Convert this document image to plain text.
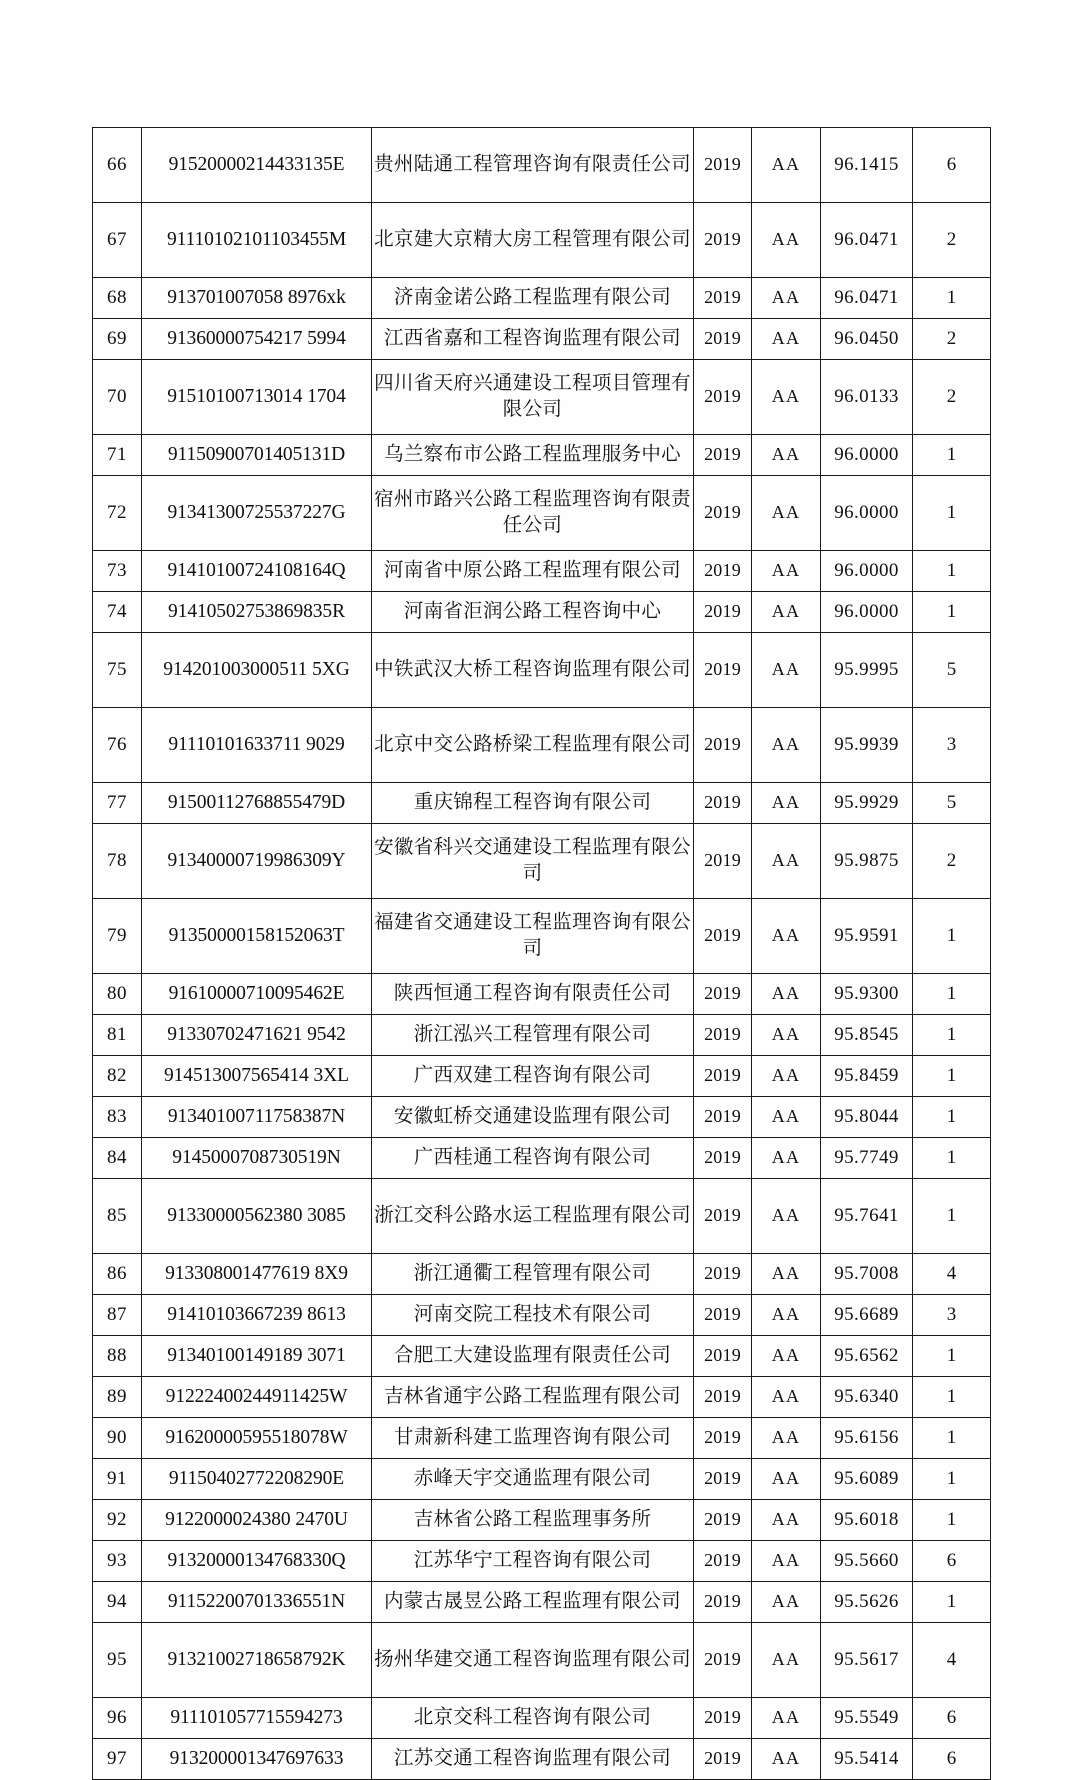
66	91520000214433135E	贵州陆通工程管理咨询有限责任公司	2019	AA	96.1415	6
67	91110102101103455M	北京建大京精大房工程管理有限公司	2019	AA	96.0471	2
68	913701007058 8976xk	济南金诺公路工程监理有限公司	2019	AA	96.0471	1
69	91360000754217 5994	江西省嘉和工程咨询监理有限公司	2019	AA	96.0450	2
70	91510100713014 1704	四川省天府兴通建设工程项目管理有限公司	2019	AA	96.0133	2
71	91150900701405131D	乌兰察布市公路工程监理服务中心	2019	AA	96.0000	1
72	91341300725537227G	宿州市路兴公路工程监理咨询有限责任公司	2019	AA	96.0000	1
73	91410100724108164Q	河南省中原公路工程监理有限公司	2019	AA	96.0000	1
74	91410502753869835R	河南省洰润公路工程咨询中心	2019	AA	96.0000	1
75	914201003000511 5XG	中铁武汉大桥工程咨询监理有限公司	2019	AA	95.9995	5
76	91110101633711 9029	北京中交公路桥梁工程监理有限公司	2019	AA	95.9939	3
77	91500112768855479D	重庆锦程工程咨询有限公司	2019	AA	95.9929	5
78	91340000719986309Y	安徽省科兴交通建设工程监理有限公司	2019	AA	95.9875	2
79	91350000158152063T	福建省交通建设工程监理咨询有限公司	2019	AA	95.9591	1
80	91610000710095462E	陕西恒通工程咨询有限责任公司	2019	AA	95.9300	1
81	91330702471621 9542	浙江泓兴工程管理有限公司	2019	AA	95.8545	1
82	914513007565414 3XL	广西双建工程咨询有限公司	2019	AA	95.8459	1
83	91340100711758387N	安徽虹桥交通建设监理有限公司	2019	AA	95.8044	1
84	9145000708730519N	广西桂通工程咨询有限公司	2019	AA	95.7749	1
85	91330000562380 3085	浙江交科公路水运工程监理有限公司	2019	AA	95.7641	1
86	913308001477619 8X9	浙江通衢工程管理有限公司	2019	AA	95.7008	4
87	91410103667239 8613	河南交院工程技术有限公司	2019	AA	95.6689	3
88	91340100149189 3071	合肥工大建设监理有限责任公司	2019	AA	95.6562	1
89	91222400244911425W	吉林省通宇公路工程监理有限公司	2019	AA	95.6340	1
90	91620000595518078W	甘肃新科建工监理咨询有限公司	2019	AA	95.6156	1
91	91150402772208290E	赤峰天宇交通监理有限公司	2019	AA	95.6089	1
92	9122000024380 2470U	吉林省公路工程监理事务所	2019	AA	95.6018	1
93	91320000134768330Q	江苏华宁工程咨询有限公司	2019	AA	95.5660	6
94	91152200701336551N	内蒙古晟昱公路工程监理有限公司	2019	AA	95.5626	1
95	91321002718658792K	扬州华建交通工程咨询监理有限公司	2019	AA	95.5617	4
96	911101057715594273	北京交科工程咨询有限公司	2019	AA	95.5549	6
97	913200001347697633	江苏交通工程咨询监理有限公司	2019	AA	95.5414	6
